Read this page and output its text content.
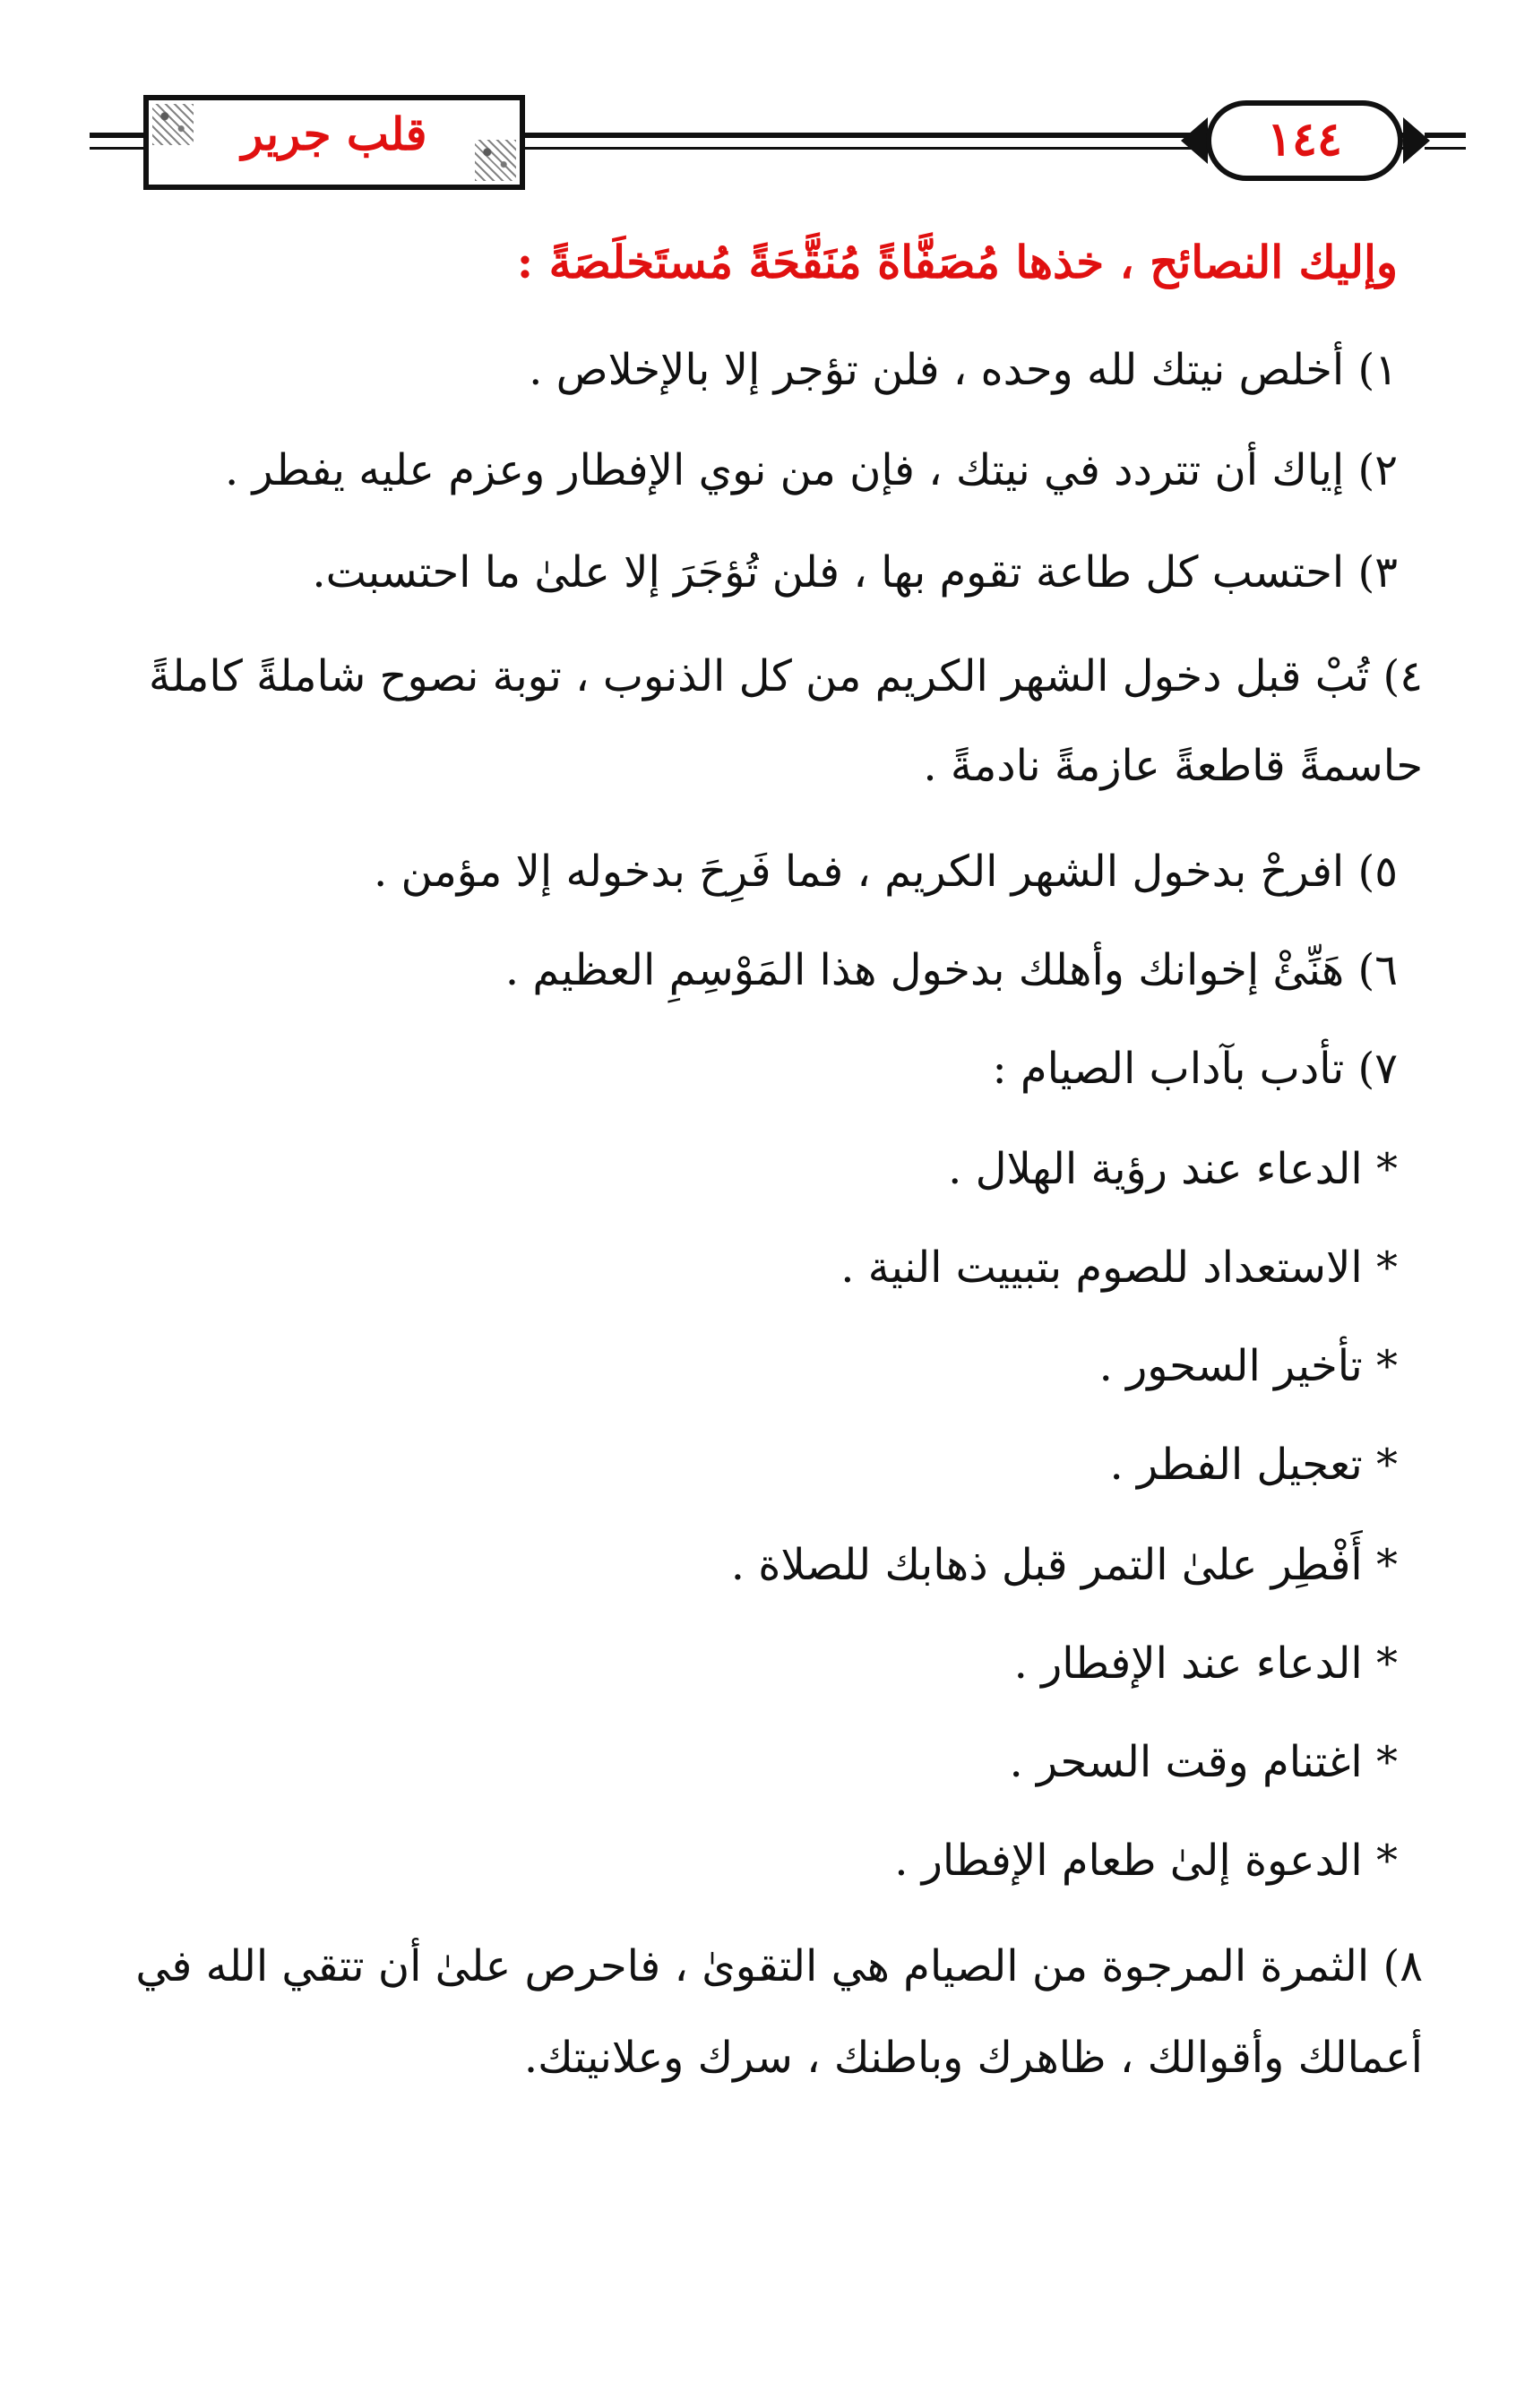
قلب جرير	١٤٤
وإليك النصائح ، خذها مُصَفَّاةً مُنَقَّحَةً مُستَخلَصَةً :
١) أخلص نيتك لله وحده ، فلن تؤجر إلا بالإخلاص .
٢) إياك أن تتردد في نيتك ، فإن من نوي الإفطار وعزم عليه يفطر .
٣) احتسب كل طاعة تقوم بها ، فلن تُؤجَرَ إلا علىٰ ما احتسبت.
٤) تُبْ قبل دخول الشهر الكريم من كل الذنوب ، توبة نصوح شاملةً كاملةً
حاسمةً قاطعةً عازمةً نادمةً .
٥) افرحْ بدخول الشهر الكريم ، فما فَرِحَ بدخوله إلا مؤمن .
٦) هَنِّئْ إخوانك وأهلك بدخول هذا المَوْسِمِ العظيم .
٧) تأدب بآداب الصيام :
* الدعاء عند رؤية الهلال .
* الاستعداد للصوم بتبييت النية .
* تأخير السحور .
* تعجيل الفطر .
* أَفْطِر علىٰ التمر قبل ذهابك للصلاة .
* الدعاء عند الإفطار .
* اغتنام وقت السحر .
* الدعوة إلىٰ طعام الإفطار .
٨) الثمرة المرجوة من الصيام هي التقوىٰ ، فاحرص علىٰ أن تتقي الله في
أعمالك وأقوالك ، ظاهرك وباطنك ، سرك وعلانيتك.
